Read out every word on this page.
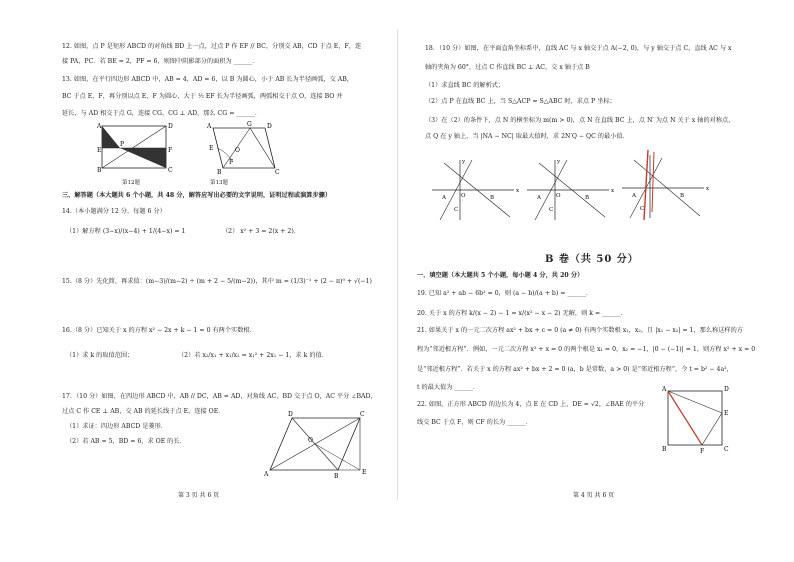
12. 如图，点 P 是矩形 ABCD 的对角线 BD 上一点，过点 P 作 EF // BC，分别交 AB，CD 于点 E，F，连
接 PA，PC．若 BE = 2，PF = 6，则图中阴影部分的面积为 ______．
13. 如图，在平行四边形 ABCD 中，AB = 4，AD = 6，以 B 为圆心，小于 AB 长为半径画弧，交 AB，
BC 于点 E，F，再分别以点 E，F 为圆心，大于 ½ EF 长为半径画弧，两弧相交于点 O，连接 BO 并
延长，与 AD 相交于点 G，连接 CG，CG ⊥ AD，那么 CG = ______．
A
E
B
D
F
C
P
第12题
A	G	D
E	O
F
B	C
第13题
三、解答题（本大题共 6 个小题，共 48 分，解答应写出必要的文字说明，证明过程或演算步骤）
14.（本小题满分 12 分，每题 6 分）
（1）解方程 (3−x)/(x−4) + 1/(4−x) = 1	（2） x² + 3 = 2(x + 2)．
15.（8 分）先化简，再求值：(m−3)/(m−2) ÷ (m + 2 − 5/(m−2))，其中 m = (1/3)⁻¹ + (2 − π)⁰ + √(−1)
16.（8 分）已知关于 x 的方程 x² − 2x + k − 1 = 0 有两个实数根．
（1）求 k 的取值范围；	（2）若 x₂/x₁ + x₁/x₂ = x₁² + 2x₁ − 1，求 k 的值．
17．（10 分）如图，在四边形 ABCD 中，AB // DC，AB = AD，对角线 AC，BD 交于点 O，AC 平分 ∠BAD，
过点 C 作 CE ⊥ AB，交 AB 的延长线于点 E，连接 OE．
（1）求证：四边形 ABCD 是菱形．
（2）若 AB = 5，BD = 6，求 OE 的长．
A
D	C
O
B
E
第 3 页 共 6 页
18．（10 分）如图，在平面直角坐标系中，直线 AC 与 x 轴交于点 A(−2, 0)，与 y 轴交于点 C，直线 AC 与 x
轴的夹角为 60°，过点 C 作直线 BC ⊥ AC，交 x 轴于点 B
（1）求直线 BC 的解析式；
（2）点 P 在直线 BC 上，当 S△ACP = S△ABC 时，求点 P 坐标；
（3）在（2）的条件下，点 N 的横坐标为 m(m > 0)，点 N 在直线 BC 上，点 N′ 为点 N 关于 x 轴的对称点，
点 Q 在 y 轴上，当 |NA − NC| 取最大值时，求 2N′Q − QC 的最小值．
A	O	B
C
x
y
A	O	B
C
x
y
A	B
C
x
B 卷（共 50 分）
一、填空题（本大题共 5 个小题，每小题 4 分，共 20 分）
19. 已知 a² + ab − 6b² = 0，则 (a − b)/(a + b) = ______．
20. 关于 x 的方程 k/(x − 2) − 1 = x/(x² − x − 2) 无解，则 k = ______．
21. 如果关于 x 的一元二次方程 ax² + bx + c = 0 (a ≠ 0) 有两个实数根 x₁，x₂，且 |x₁ − x₂| = 1，那么称这样的方
程为“邻近根方程”．例如，一元二次方程 x² + x = 0 的两个根是 x₁ = 0，x₂ = −1，|0 − (−1)| = 1，则方程 x² + x = 0
是“邻近根方程”．若关于 x 的方程 ax² + bx + 2 = 0 (a，b 是常数，a > 0) 是“邻近根方程”，令 t = b² − 4a²，
t 的最大值为 ______．
22. 如图，正方形 ABCD 的边长为 4，点 E 在 CD 上，DE = √2，∠BAE 的平分
线交 BC 于点 F，则 CF 的长为 ______．
A	D
E
B	F	C
第 4 页 共 6 页
